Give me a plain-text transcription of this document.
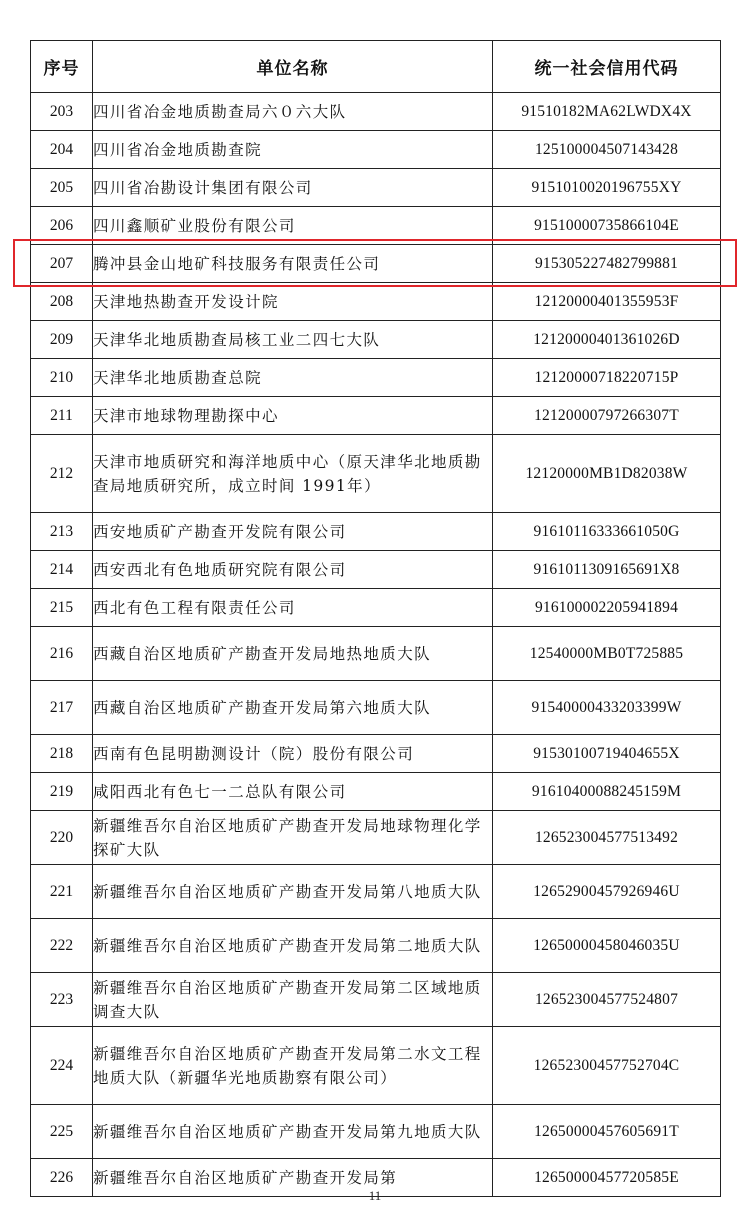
序号	单位名称	统一社会信用代码
203	四川省冶金地质勘查局六０六大队	91510182MA62LWDX4X
204	四川省冶金地质勘查院	125100004507143428
205	四川省冶勘设计集团有限公司	9151010020196755XY
206	四川鑫顺矿业股份有限公司	91510000735866104E
207	腾冲县金山地矿科技服务有限责任公司	915305227482799881
208	天津地热勘查开发设计院	12120000401355953F
209	天津华北地质勘查局核工业二四七大队	12120000401361026D
210	天津华北地质勘查总院	12120000718220715P
211	天津市地球物理勘探中心	12120000797266307T
212	天津市地质研究和海洋地质中心（原天津华北地质勘查局地质研究所，成立时间 1991年）	12120000MB1D82038W
213	西安地质矿产勘查开发院有限公司	91610116333661050G
214	西安西北有色地质研究院有限公司	9161011309165691X8
215	西北有色工程有限责任公司	916100002205941894
216	西藏自治区地质矿产勘查开发局地热地质大队	12540000MB0T725885
217	西藏自治区地质矿产勘查开发局第六地质大队	91540000433203399W
218	西南有色昆明勘测设计（院）股份有限公司	91530100719404655X
219	咸阳西北有色七一二总队有限公司	91610400088245159M
220	新疆维吾尔自治区地质矿产勘查开发局地球物理化学探矿大队	126523004577513492
221	新疆维吾尔自治区地质矿产勘查开发局第八地质大队	12652900457926946U
222	新疆维吾尔自治区地质矿产勘查开发局第二地质大队	12650000458046035U
223	新疆维吾尔自治区地质矿产勘查开发局第二区域地质调查大队	126523004577524807
224	新疆维吾尔自治区地质矿产勘查开发局第二水文工程地质大队（新疆华光地质勘察有限公司）	12652300457752704C
225	新疆维吾尔自治区地质矿产勘查开发局第九地质大队	12650000457605691T
226	新疆维吾尔自治区地质矿产勘查开发局第	12650000457720585E
11
